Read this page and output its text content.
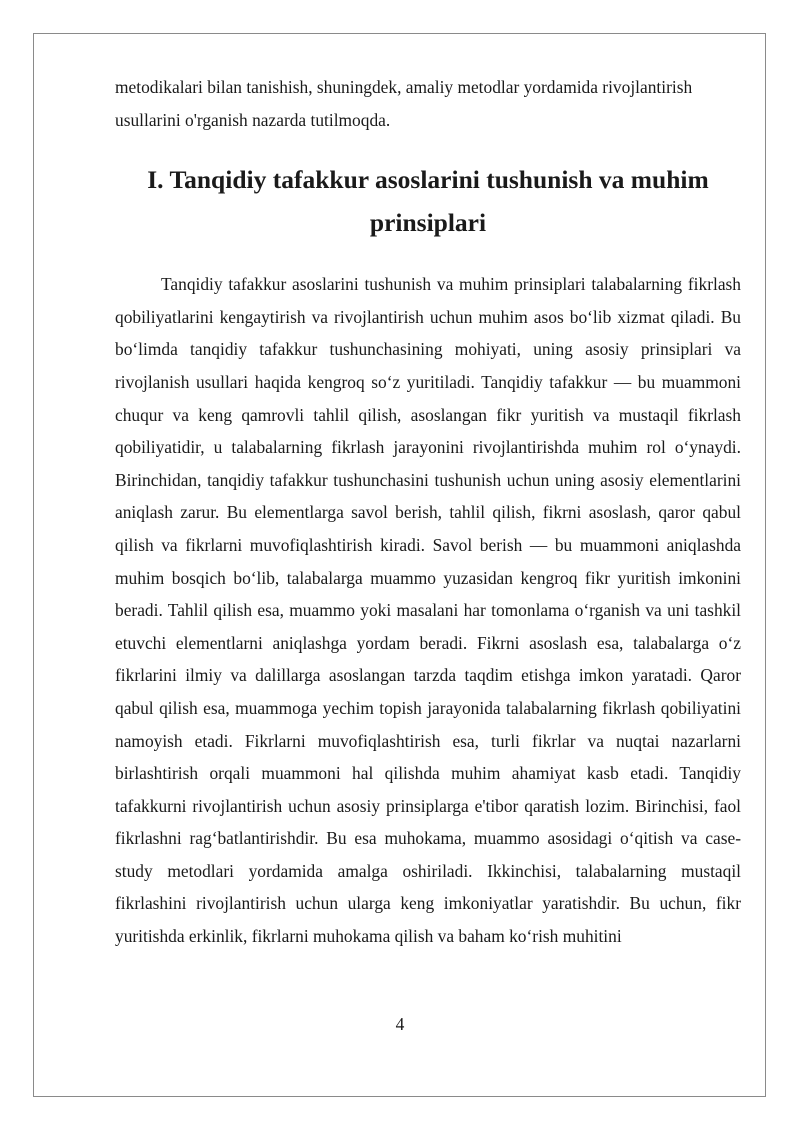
metodikalari bilan tanishish, shuningdek, amaliy metodlar yordamida rivojlantirish usullarini o'rganish nazarda tutilmoqda.

I. Tanqidiy tafakkur asoslarini tushunish va muhim prinsiplari

Tanqidiy tafakkur asoslarini tushunish va muhim prinsiplari talabalarning fikrlash qobiliyatlarini kengaytirish va rivojlantirish uchun muhim asos bo‘lib xizmat qiladi. Bu bo‘limda tanqidiy tafakkur tushunchasining mohiyati, uning asosiy prinsiplari va rivojlanish usullari haqida kengroq so‘z yuritiladi. Tanqidiy tafakkur — bu muammoni chuqur va keng qamrovli tahlil qilish, asoslangan fikr yuritish va mustaqil fikrlash qobiliyatidir, u talabalarning fikrlash jarayonini rivojlantirishda muhim rol o‘ynaydi. Birinchidan, tanqidiy tafakkur tushunchasini tushunish uchun uning asosiy elementlarini aniqlash zarur. Bu elementlarga savol berish, tahlil qilish, fikrni asoslash, qaror qabul qilish va fikrlarni muvofiqlashtirish kiradi. Savol berish — bu muammoni aniqlashda muhim bosqich bo‘lib, talabalarga muammo yuzasidan kengroq fikr yuritish imkonini beradi. Tahlil qilish esa, muammo yoki masalani har tomonlama o‘rganish va uni tashkil etuvchi elementlarni aniqlashga yordam beradi. Fikrni asoslash esa, talabalarga o‘z fikrlarini ilmiy va dalillarga asoslangan tarzda taqdim etishga imkon yaratadi. Qaror qabul qilish esa, muammoga yechim topish jarayonida talabalarning fikrlash qobiliyatini namoyish etadi. Fikrlarni muvofiqlashtirish esa, turli fikrlar va nuqtai nazarlarni birlashtirish orqali muammoni hal qilishda muhim ahamiyat kasb etadi. Tanqidiy tafakkurni rivojlantirish uchun asosiy prinsiplarga e'tibor qaratish lozim. Birinchisi, faol fikrlashni rag‘batlantirishdir. Bu esa muhokama, muammo asosidagi o‘qitish va case-study metodlari yordamida amalga oshiriladi. Ikkinchisi, talabalarning mustaqil fikrlashini rivojlantirish uchun ularga keng imkoniyatlar yaratishdir. Bu uchun, fikr yuritishda erkinlik, fikrlarni muhokama qilish va baham ko‘rish muhitini

4
